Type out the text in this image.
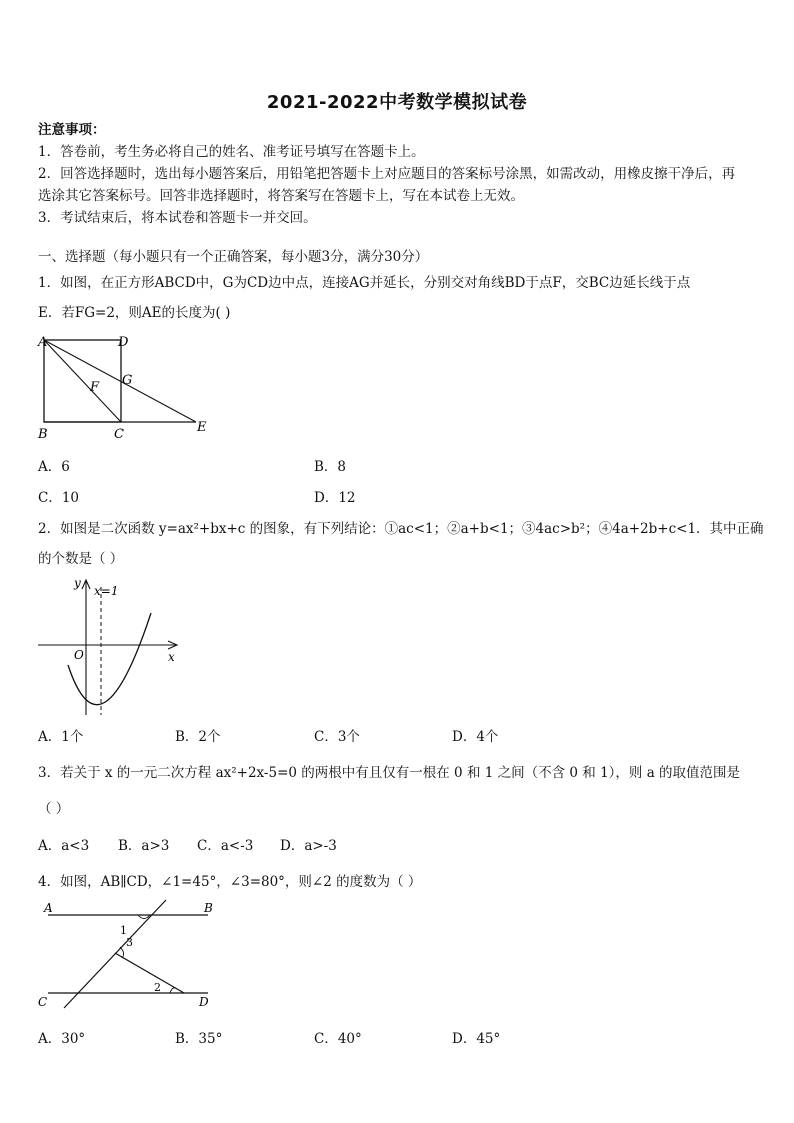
2021-2022中考数学模拟试卷
注意事项：
1．答卷前，考生务必将自己的姓名、准考证号填写在答题卡上。
2．回答选择题时，选出每小题答案后，用铅笔把答题卡上对应题目的答案标号涂黑，如需改动，用橡皮擦干净后，再
选涂其它答案标号。回答非选择题时，将答案写在答题卡上，写在本试卷上无效。
3．考试结束后，将本试卷和答题卡一并交回。
一、选择题（每小题只有一个正确答案，每小题3分，满分30分）
1．如图，在正方形ABCD中，G为CD边中点，连接AG并延长，分别交对角线BD于点F，交BC边延长线于点
E．若FG=2，则AE的长度为( )
A	D
G
F
B	C	E
A．6	B．8
C．10	D．12
2．如图是二次函数 y=ax²+bx+c 的图象，有下列结论：①ac<1；②a+b<1；③4ac>b²；④4a+2b+c<1．其中正确
的个数是（ ）
y
x
O
x=1
A．1个	B．2个	C．3个	D．4个
3．若关于 x 的一元二次方程 ax²+2x-5=0 的两根中有且仅有一根在 0 和 1 之间（不含 0 和 1），则 a 的取值范围是
（ ）
A．a<3 B．a>3 C．a<-3 D．a>-3
4．如图，AB∥CD，∠1=45°，∠3=80°，则∠2 的度数为（ ）
A	B
C	D
1
3
2
A．30°	B．35°	C．40°	D．45°
